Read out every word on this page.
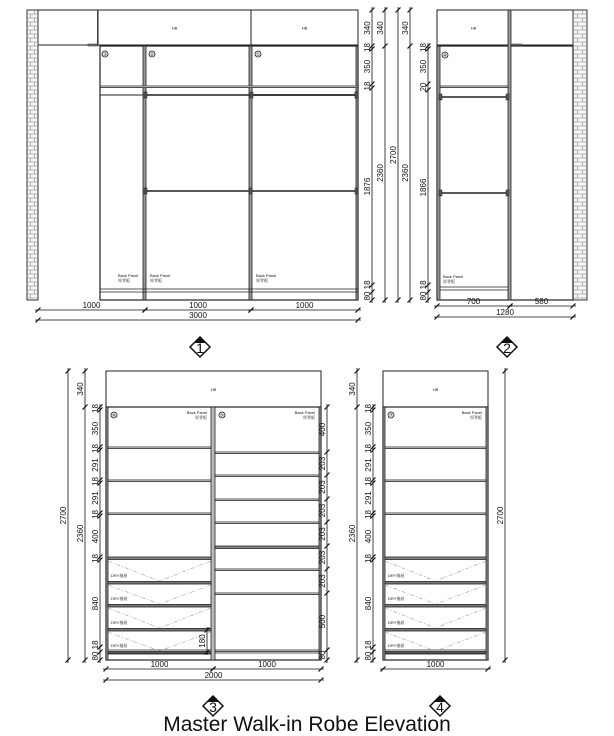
HB	HB
Back Panel
厚背板
Back Panel
厚背板
Back Panel
厚背板
1000	1000	1000
3000
340
18
350
18
1876
18
80
340
2360
2700
340
2360
HB
Back Panel
厚背板
18
350
20
1866
18
80
700	580
1280
1	2
HB
DRY抽屉
DRY抽屉
DRY抽屉
DRY抽屉
Back Panel
厚背板
Back Panel
厚背板
180
2700
340
2360
18
350
18
291
18
291
18
400
18
840
18
80
400
203
203
203
203
203
203
500
80
1000	1000
2000
HB
DRY抽屉
DRY抽屉
DRY抽屉
DRY抽屉
Back Panel
厚背板
340
2360
18
350
18
291
18
291
18
400
18
840
18
80
2700
1000
3	4
③	②	①	④
⑥	⑤	⑦
Master Walk-in Robe Elevation
